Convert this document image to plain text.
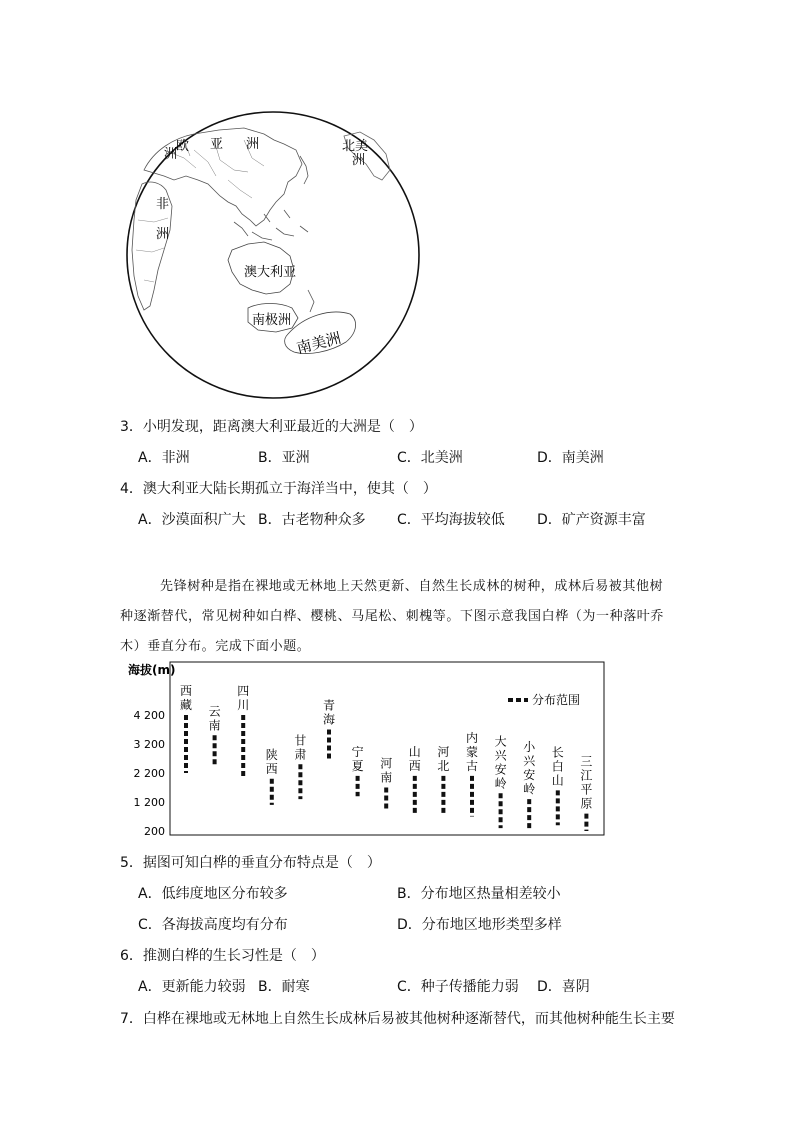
欧
洲
亚 洲	北美
洲
非
洲
澳大利亚
南极洲
南美洲
3．小明发现，距离澳大利亚最近的大洲是（　）
A．非洲	B．亚洲	C．北美洲	D．南美洲
4．澳大利亚大陆长期孤立于海洋当中，使其（　）
A．沙漠面积广大 B．古老物种众多 C．平均海拔较低 D．矿产资源丰富
先锋树种是指在裸地或无林地上天然更新、自然生长成林的树种，成林后易被其他树
种逐渐替代，常见树种如白桦、樱桃、马尾松、刺槐等。下图示意我国白桦（为一种落叶乔
木）垂直分布。完成下面小题。
海拔(m)
4 200
3 200
2 200
1 200
200
西藏 云南
四川
陕西
甘肃
青海
宁夏 河南
山西
河北
内蒙古
大兴安岭
小兴安岭
长白山
三江平原
分布范围
5．据图可知白桦的垂直分布特点是（　）
A．低纬度地区分布较多	B．分布地区热量相差较小
C．各海拔高度均有分布	D．分布地区地形类型多样
6．推测白桦的生长习性是（　）
A．更新能力较弱 B．耐寒	C．种子传播能力弱 D．喜阴
7．白桦在裸地或无林地上自然生长成林后易被其他树种逐渐替代，而其他树种能生长主要
